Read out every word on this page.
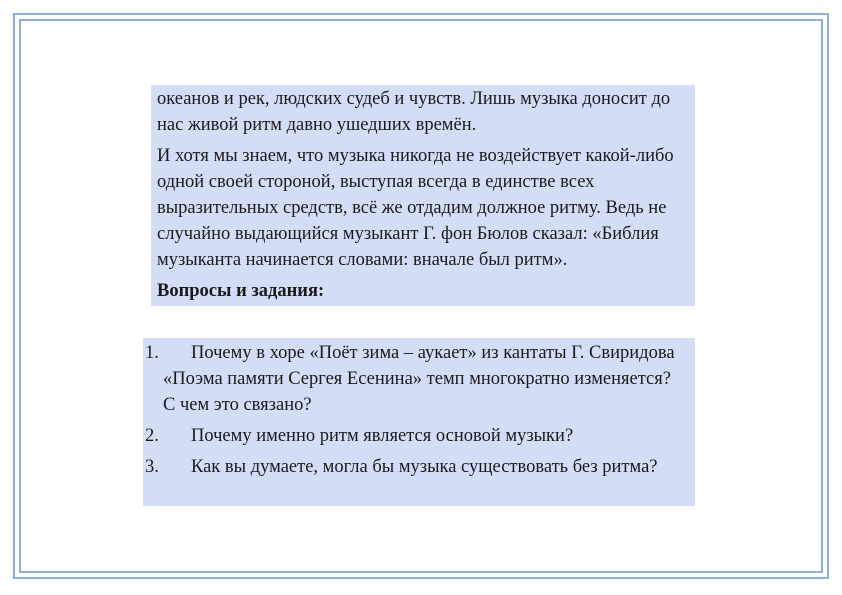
океанов и рек, людских судеб и чувств. Лишь музыка доносит до нас живой ритм давно ушедших времён.

И хотя мы знаем, что музыка никогда не воздействует какой-либо одной своей стороной, выступая всегда в единстве всех выразительных средств, всё же отдадим должное ритму. Ведь не случайно выдающийся музыкант Г. фон Бюлов сказал: «Библия музыканта начинается словами: вначале был ритм».

Вопросы и задания:

1.	Почему в хоре «Поёт зима – аукает» из кантаты Г. Свиридова «Поэма памяти Сергея Есенина» темп многократно изменяется? С чем это связано?
2.	Почему именно ритм является основой музыки?
3.	Как вы думаете, могла бы музыка существовать без ритма?
